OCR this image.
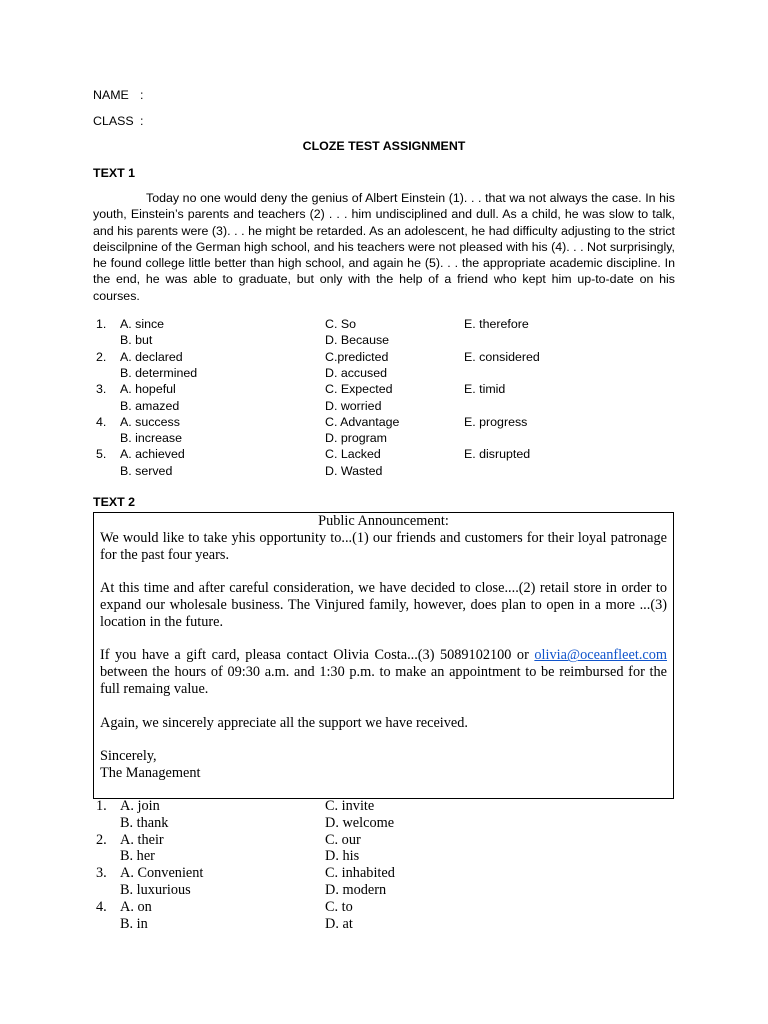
NAME :
CLASS :
CLOZE TEST ASSIGNMENT
TEXT 1
Today no one would deny the genius of Albert Einstein (1). . . that wa not always the case. In his youth, Einstein’s parents and teachers (2) . . . him undisciplined and dull. As a child, he was slow to talk, and his parents were (3). . . he might be retarded. As an adolescent, he had difficulty adjusting to the strict deiscilpnine of the German high school, and his teachers were not pleased with his (4). . . Not surprisingly, he found college little better than high school, and again he (5). . . the appropriate academic discipline. In the end, he was able to graduate, but only with the help of a friend who kept him up-to-date on his courses.
1. A. since	C. So	E. therefore
B. but	D. Because
2. A. declared	C.predicted	E. considered
B. determined	D. accused
3. A. hopeful	C. Expected	E. timid
B. amazed	D. worried
4. A. success	C. Advantage	E. progress
B. increase	D. program
5. A. achieved	C. Lacked	E. disrupted
B. served	D. Wasted
TEXT 2
Public Announcement:

We would like to take yhis opportunity to...(1) our friends and customers for their loyal patronage for the past four years.

At this time and after careful consideration, we have decided to close....(2) retail store in order to expand our wholesale business. The Vinjured family, however, does plan to open in a more ...(3) location in the future.

If you have a gift card, pleasa contact Olivia Costa...(3) 5089102100 or olivia@oceanfleet.com between the hours of 09:30 a.m. and 1:30 p.m. to make an appointment to be reimbursed for the full remaing value.

Again, we sincerely appreciate all the support we have received.

Sincerely,
The Management
1. A. join	C. invite
B. thank	D. welcome
2. A. their	C. our
B. her	D. his
3. A. Convenient	C. inhabited
B. luxurious	D. modern
4. A. on	C. to
B. in	D. at
